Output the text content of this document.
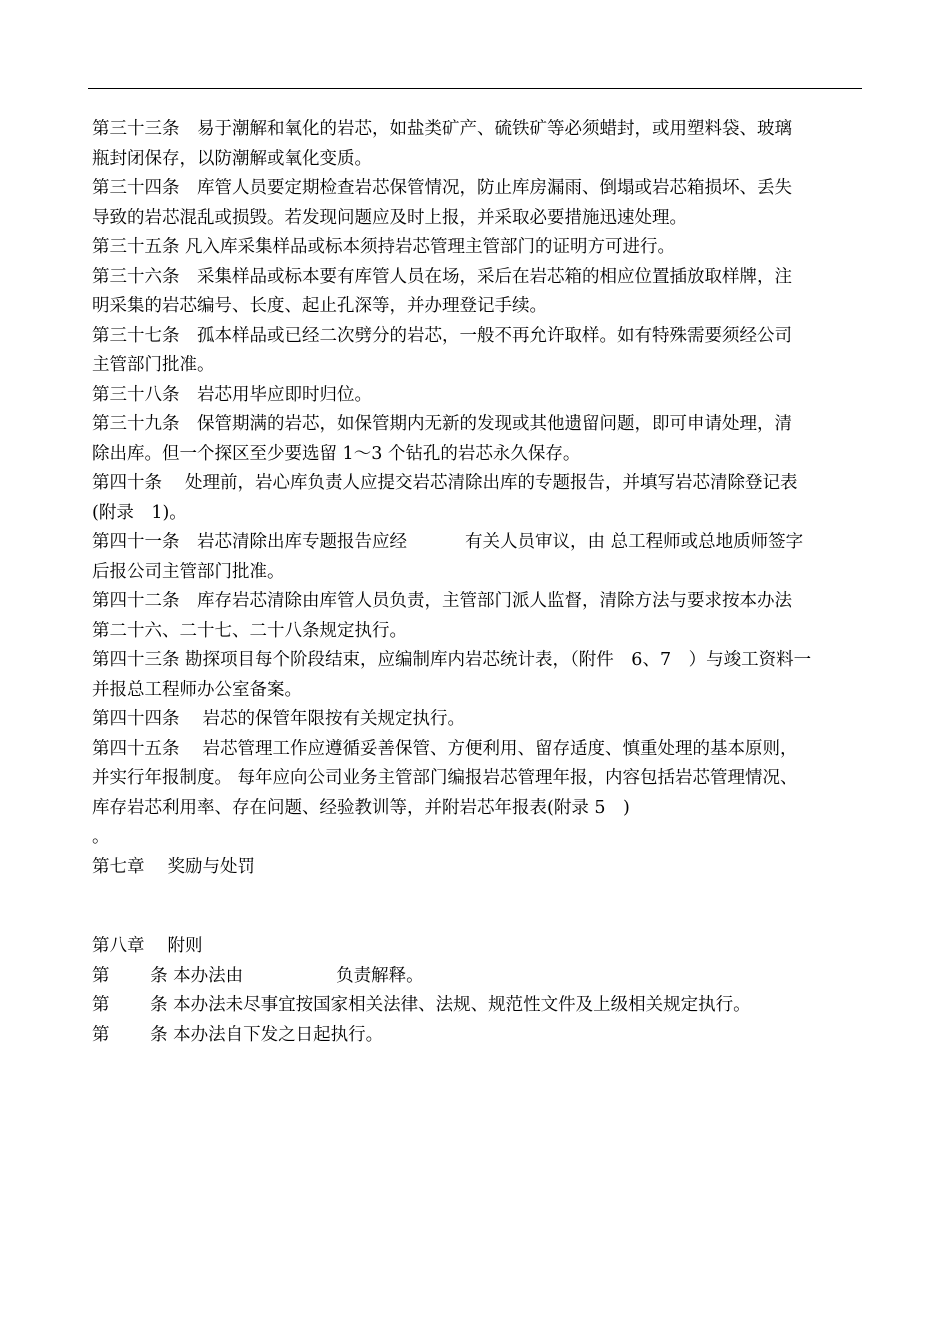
第三十三条　易于潮解和氧化的岩芯，如盐类矿产、硫铁矿等必须蜡封，或用塑料袋、玻璃
瓶封闭保存，以防潮解或氧化变质。
第三十四条　库管人员要定期检查岩芯保管情况，防止库房漏雨、倒塌或岩芯箱损坏、丢失
导致的岩芯混乱或损毁。若发现问题应及时上报，并采取必要措施迅速处理。
第三十五条 凡入库采集样品或标本须持岩芯管理主管部门的证明方可进行。
第三十六条　采集样品或标本要有库管人员在场，采后在岩芯箱的相应位置插放取样牌，注
明采集的岩芯编号、长度、起止孔深等，并办理登记手续。
第三十七条　孤本样品或已经二次劈分的岩芯，一般不再允许取样。如有特殊需要须经公司
主管部门批准。
第三十八条　岩芯用毕应即时归位。
第三十九条　保管期满的岩芯，如保管期内无新的发现或其他遗留问题，即可申请处理，清
除出库。但一个探区至少要选留 1～3 个钻孔的岩芯永久保存。
第四十条　 处理前，岩心库负责人应提交岩芯清除出库的专题报告，并填写岩芯清除登记表
(附录　1)。
第四十一条　岩芯清除出库专题报告应经　　　 有关人员审议，由 总工程师或总地质师签字
后报公司主管部门批准。
第四十二条　库存岩芯清除由库管人员负责，主管部门派人监督，清除方法与要求按本办法
第二十六、二十七、二十八条规定执行。
第四十三条 勘探项目每个阶段结束，应编制库内岩芯统计表，（附件　6、7　）与竣工资料一
并报总工程师办公室备案。
第四十四条　 岩芯的保管年限按有关规定执行。
第四十五条　 岩芯管理工作应遵循妥善保管、方便利用、留存适度、慎重处理的基本原则，
并实行年报制度。 每年应向公司业务主管部门编报岩芯管理年报，内容包括岩芯管理情况、
库存岩芯利用率、存在问题、经验教训等，并附岩芯年报表(附录 5　)
。
第七章　 奖励与处罚
第八章　 附则
第　　 条 本办法由　　　　　 负责解释。
第　　 条 本办法未尽事宜按国家相关法律、法规、规范性文件及上级相关规定执行。
第　　 条 本办法自下发之日起执行。
